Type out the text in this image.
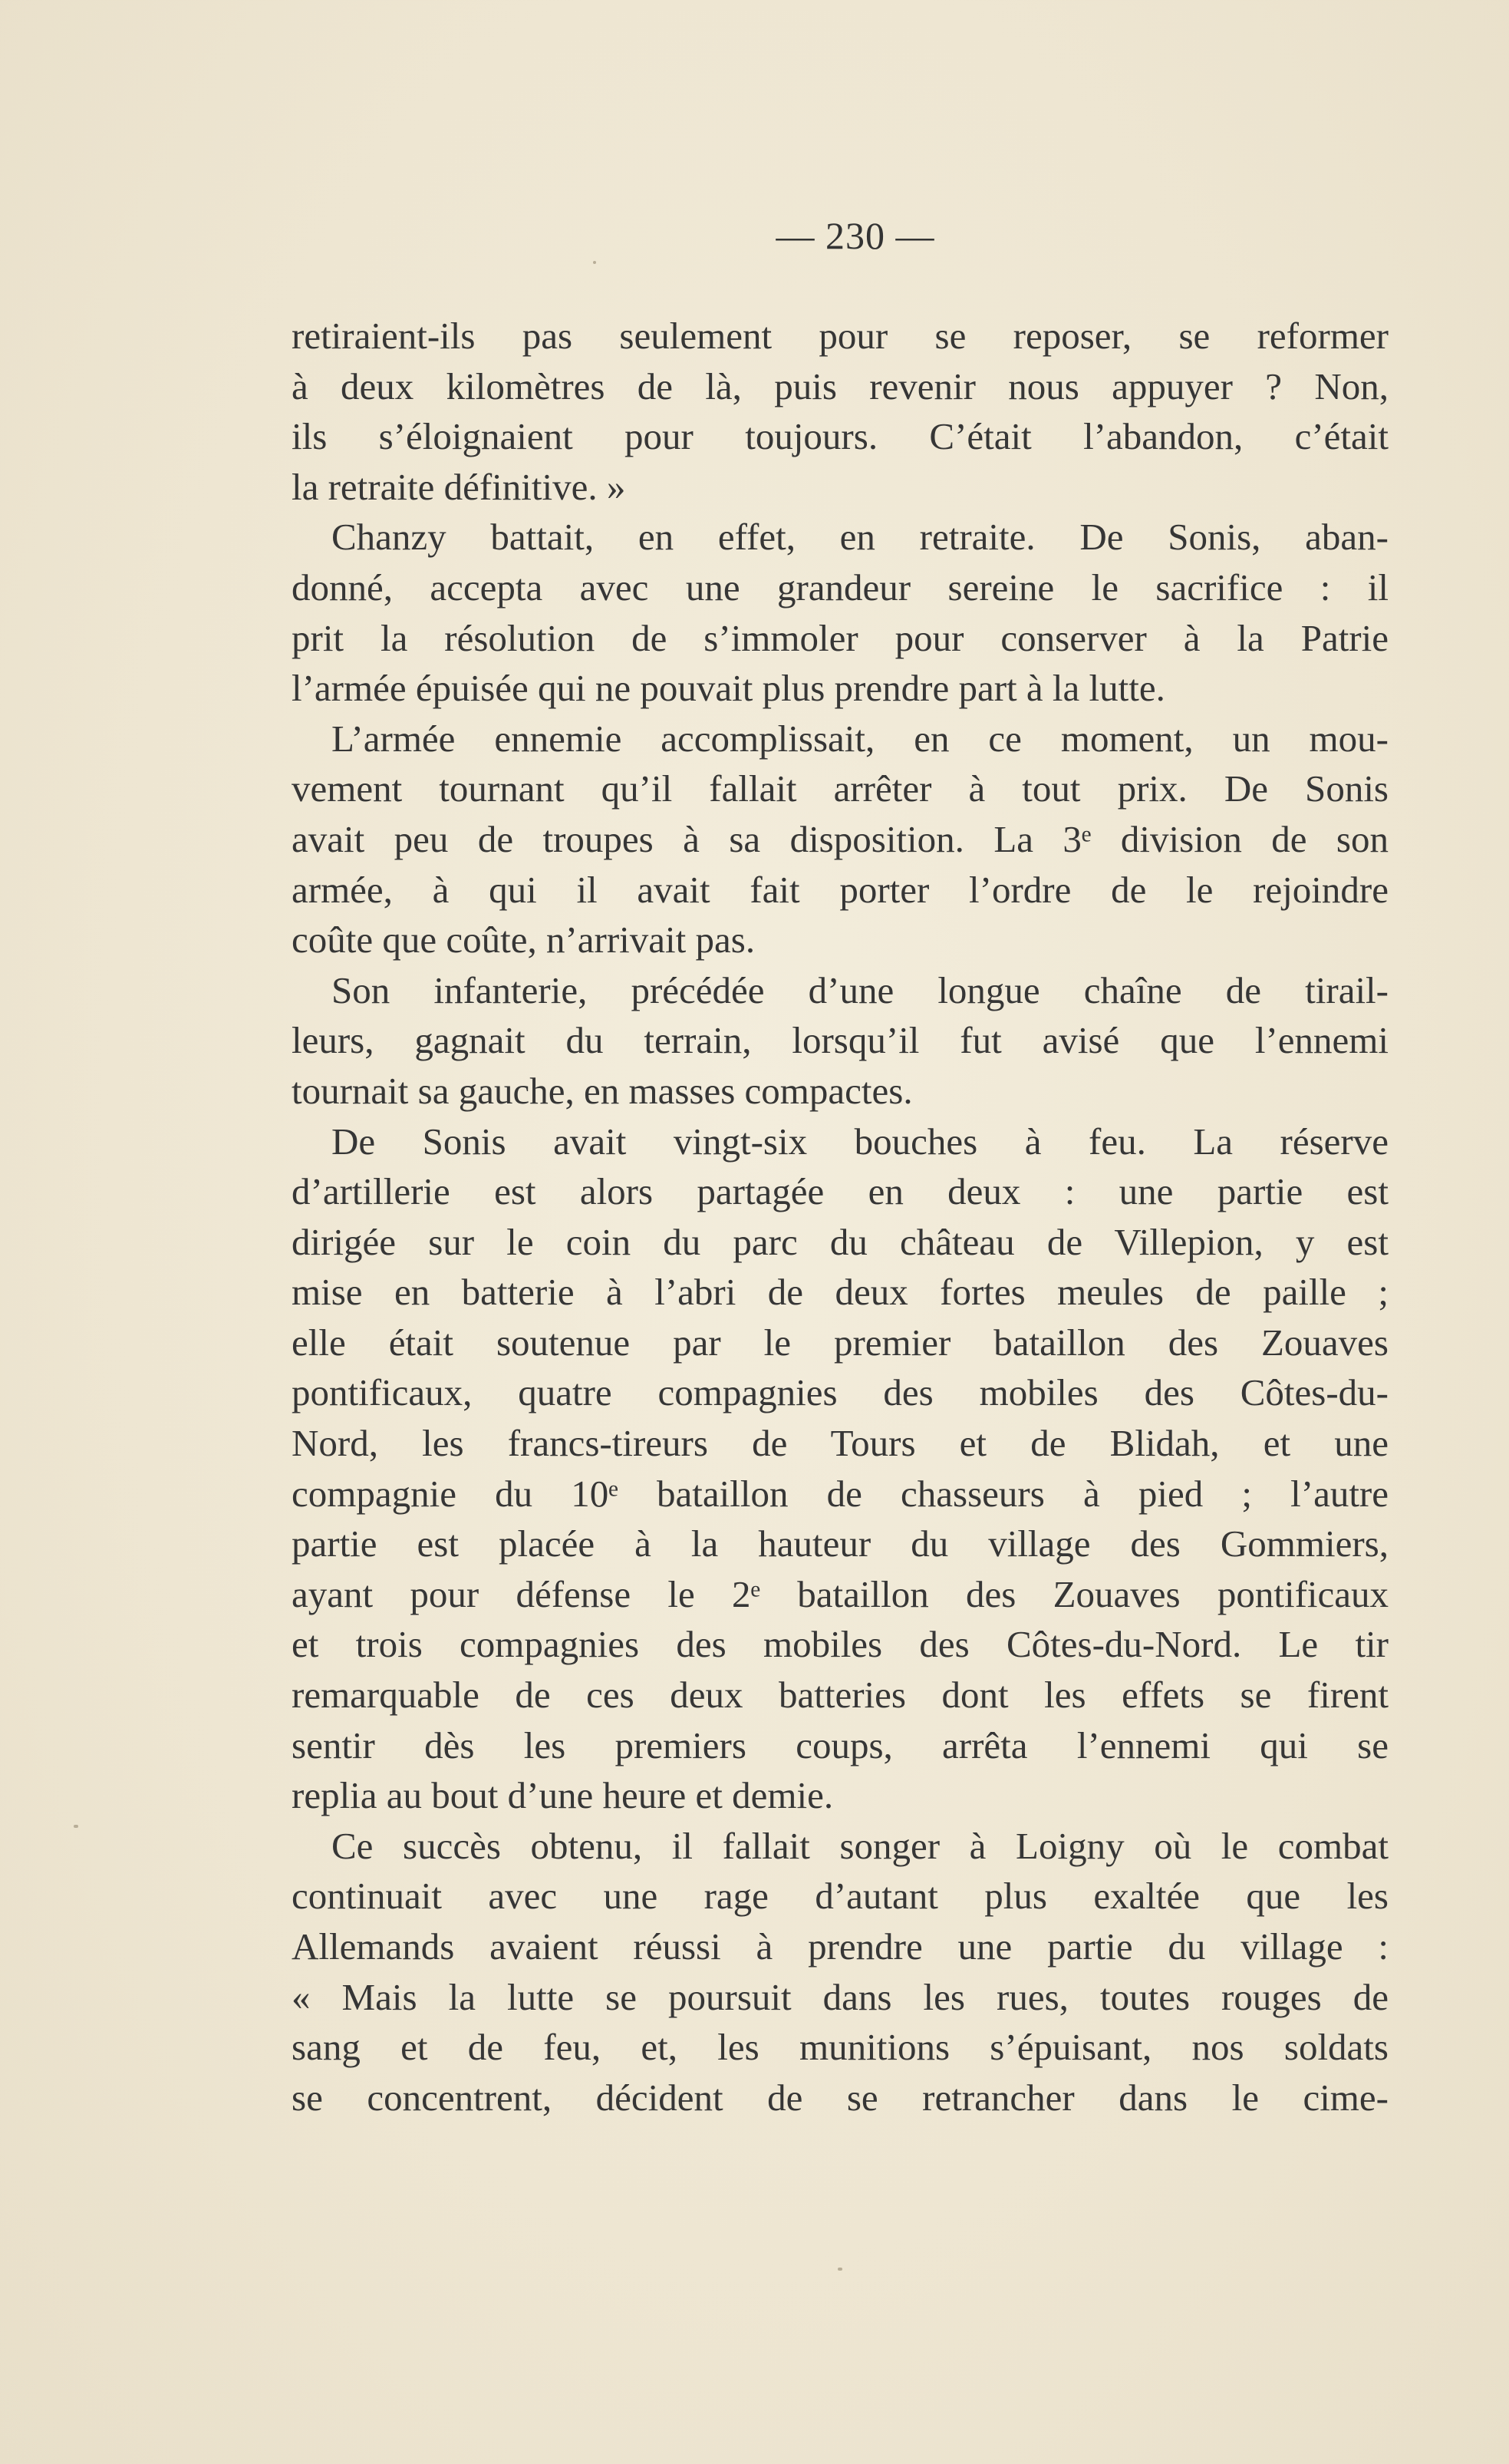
— 230 —
retiraient-ils pas seulement pour se reposer, se reformer
à deux kilomètres de là, puis revenir nous appuyer ? Non,
ils s’éloignaient pour toujours. C’était l’abandon, c’était
la retraite définitive. »
Chanzy battait, en effet, en retraite. De Sonis, aban-
donné, accepta avec une grandeur sereine le sacrifice : il
prit la résolution de s’immoler pour conserver à la Patrie
l’armée épuisée qui ne pouvait plus prendre part à la lutte.
L’armée ennemie accomplissait, en ce moment, un mou-
vement tournant qu’il fallait arrêter à tout prix. De Sonis
avait peu de troupes à sa disposition. La 3ᵉ division de son
armée, à qui il avait fait porter l’ordre de le rejoindre
coûte que coûte, n’arrivait pas.
Son infanterie, précédée d’une longue chaîne de tirail-
leurs, gagnait du terrain, lorsqu’il fut avisé que l’ennemi
tournait sa gauche, en masses compactes.
De Sonis avait vingt-six bouches à feu. La réserve
d’artillerie est alors partagée en deux : une partie est
dirigée sur le coin du parc du château de Villepion, y est
mise en batterie à l’abri de deux fortes meules de paille ;
elle était soutenue par le premier bataillon des Zouaves
pontificaux, quatre compagnies des mobiles des Côtes-du-
Nord, les francs-tireurs de Tours et de Blidah, et une
compagnie du 10ᵉ bataillon de chasseurs à pied ; l’autre
partie est placée à la hauteur du village des Gommiers,
ayant pour défense le 2ᵉ bataillon des Zouaves pontificaux
et trois compagnies des mobiles des Côtes-du-Nord. Le tir
remarquable de ces deux batteries dont les effets se firent
sentir dès les premiers coups, arrêta l’ennemi qui se
replia au bout d’une heure et demie.
Ce succès obtenu, il fallait songer à Loigny où le combat
continuait avec une rage d’autant plus exaltée que les
Allemands avaient réussi à prendre une partie du village :
« Mais la lutte se poursuit dans les rues, toutes rouges de
sang et de feu, et, les munitions s’épuisant, nos soldats
se concentrent, décident de se retrancher dans le cime-
